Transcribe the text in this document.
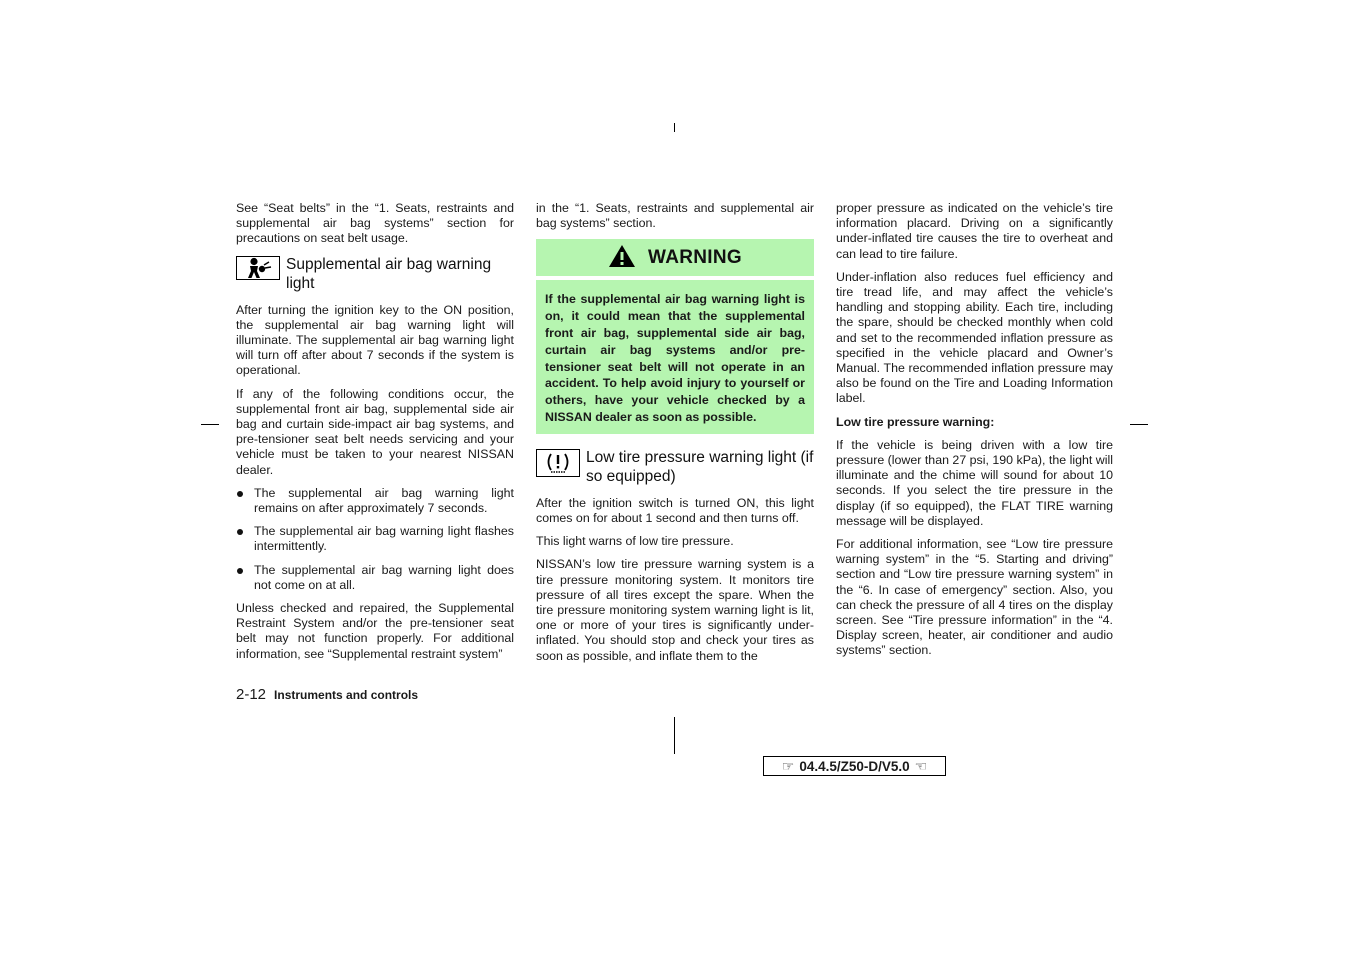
See “Seat belts” in the “1. Seats, restraints and supplemental air bag systems” section for precautions on seat belt usage.

Supplemental air bag warning light

After turning the ignition key to the ON position, the supplemental air bag warning light will illuminate. The supplemental air bag warning light will turn off after about 7 seconds if the system is operational.

If any of the following conditions occur, the supplemental front air bag, supplemental side air bag and curtain side-impact air bag systems, and pre-tensioner seat belt needs servicing and your vehicle must be taken to your nearest NISSAN dealer.

The supplemental air bag warning light remains on after approximately 7 seconds.
The supplemental air bag warning light flashes intermittently.
The supplemental air bag warning light does not come on at all.

Unless checked and repaired, the Supplemental Restraint System and/or the pre-tensioner seat belt may not function properly. For additional information, see “Supplemental restraint system”

in the “1. Seats, restraints and supplemental air bag systems” section.

WARNING
If the supplemental air bag warning light is on, it could mean that the supplemental front air bag, supplemental side air bag, curtain air bag systems and/or pre-tensioner seat belt will not operate in an accident. To help avoid injury to yourself or others, have your vehicle checked by a NISSAN dealer as soon as possible.
Low tire pressure warning light (if so equipped)

After the ignition switch is turned ON, this light comes on for about 1 second and then turns off.

This light warns of low tire pressure.

NISSAN’s low tire pressure warning system is a tire pressure monitoring system. It monitors tire pressure of all tires except the spare. When the tire pressure monitoring system warning light is lit, one or more of your tires is significantly under-inflated. You should stop and check your tires as soon as possible, and inflate them to the

proper pressure as indicated on the vehicle’s tire information placard. Driving on a significantly under-inflated tire causes the tire to overheat and can lead to tire failure.

Under-inflation also reduces fuel efficiency and tire tread life, and may affect the vehicle’s handling and stopping ability. Each tire, including the spare, should be checked monthly when cold and set to the recommended inflation pressure as specified in the vehicle placard and Owner’s Manual. The recommended inflation pressure may also be found on the Tire and Loading Information label.

Low tire pressure warning:

If the vehicle is being driven with a low tire pressure (lower than 27 psi, 190 kPa), the light will illuminate and the chime will sound for about 10 seconds. If you select the tire pressure in the display (if so equipped), the FLAT TIRE warning message will be displayed.

For additional information, see “Low tire pressure warning system” in the “5. Starting and driving” section and “Low tire pressure warning system” in the “6. In case of emergency” section. Also, you can check the pressure of all 4 tires on the display screen. See “Tire pressure information” in the “4. Display screen, heater, air conditioner and audio systems” section.

2-12 Instruments and controls
☞ 04.4.5/Z50-D/V5.0 ☜
